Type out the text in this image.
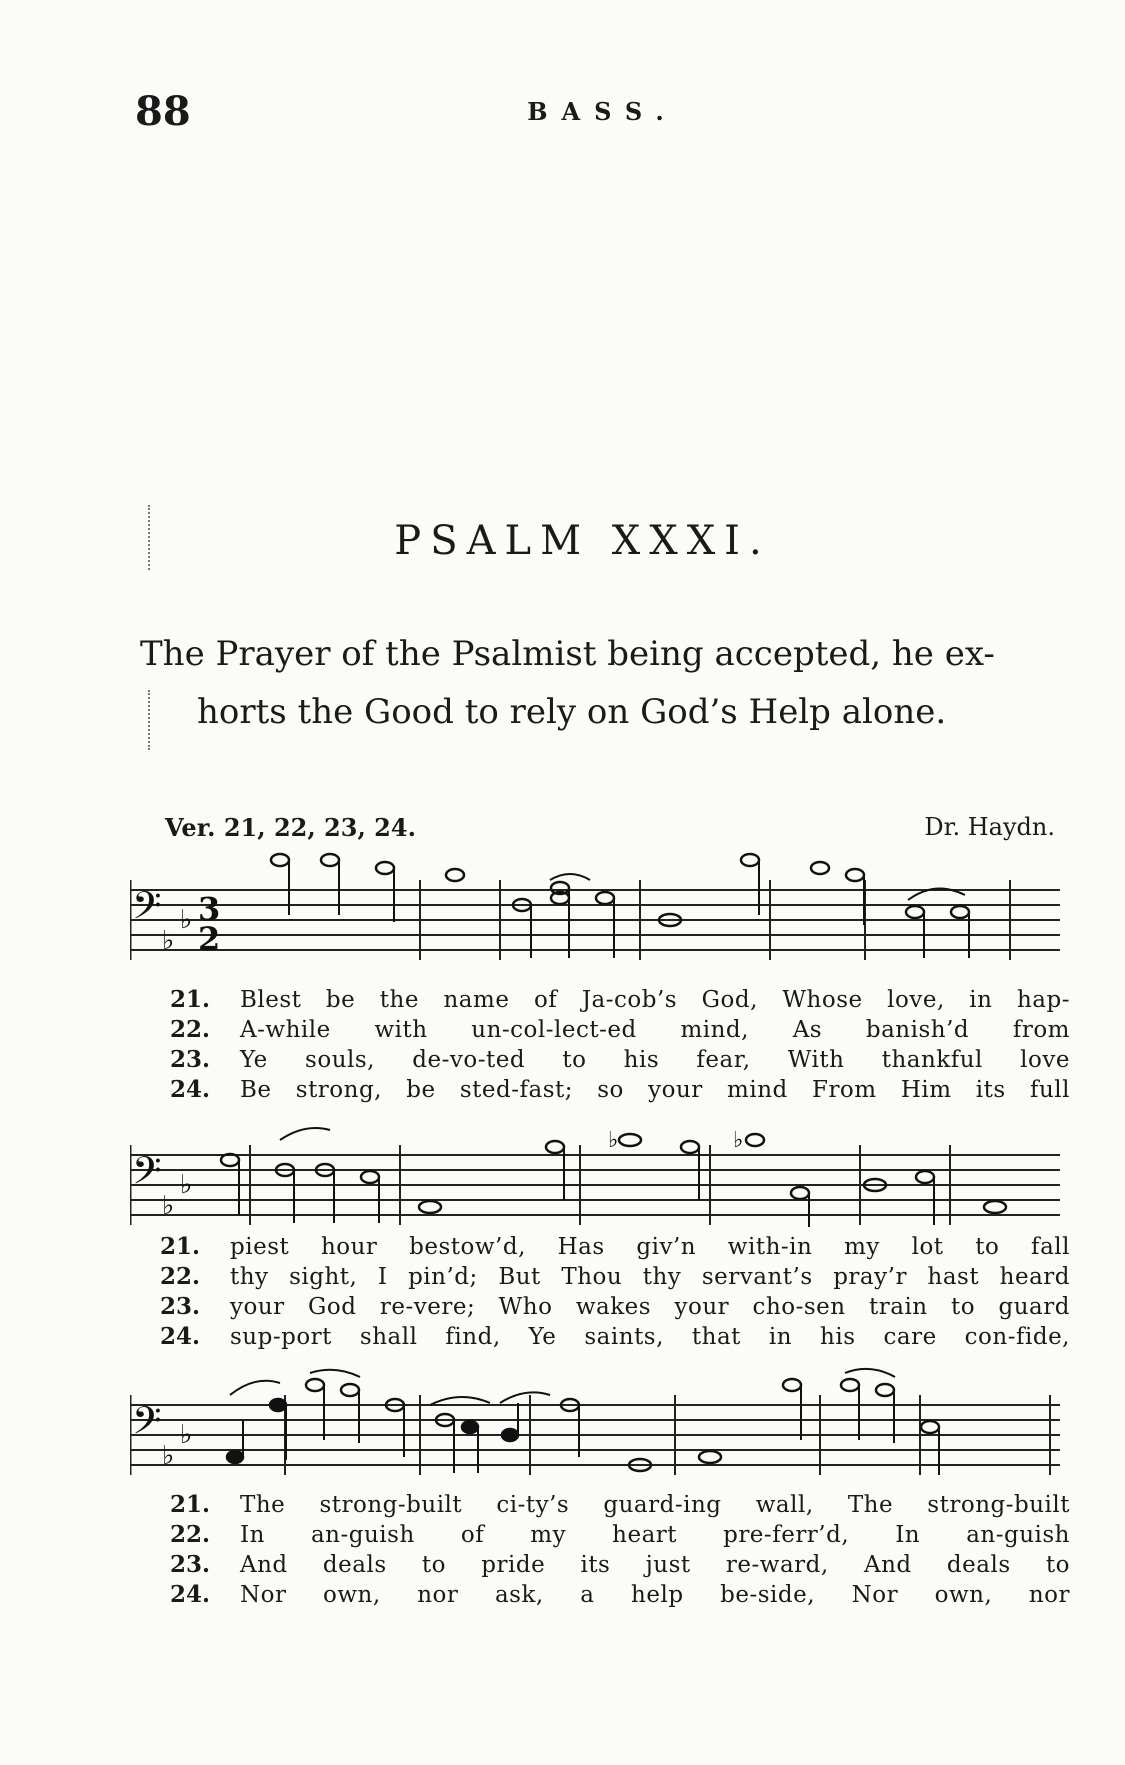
88	BASS.
PSALM XXXI.
The Prayer of the Psalmist being accepted, he ex-
horts the Good to rely on God’s Help alone.
Ver. 21, 22, 23, 24.	Dr. Haydn.
𝄢 ♭
♭
3
2
21.	Blest be the name of Ja-cob’s God, Whose love, in hap-
22.	A-while with un-col-lect-ed mind, As banish’d from
23.	Ye souls, de-vo-ted to his fear, With thankful love
24.	Be strong, be sted-fast; so your mind From Him its full
𝄢 ♭
♭
♭	♭
21.	piest hour bestow’d, Has giv’n with-in my lot to fall
22.	thy sight, I pin’d; But Thou thy servant’s pray’r hast heard
23.	your God re-vere; Who wakes your cho-sen train to guard
24.	sup-port shall find, Ye saints, that in his care con-fide,
𝄢 ♭
♭
21.	The strong-built ci-ty’s guard-ing wall, The strong-built
22.	In an-guish of my heart pre-ferr’d, In an-guish
23.	And deals to pride its just re-ward, And deals to
24.	Nor own, nor ask, a help be-side, Nor own, nor
